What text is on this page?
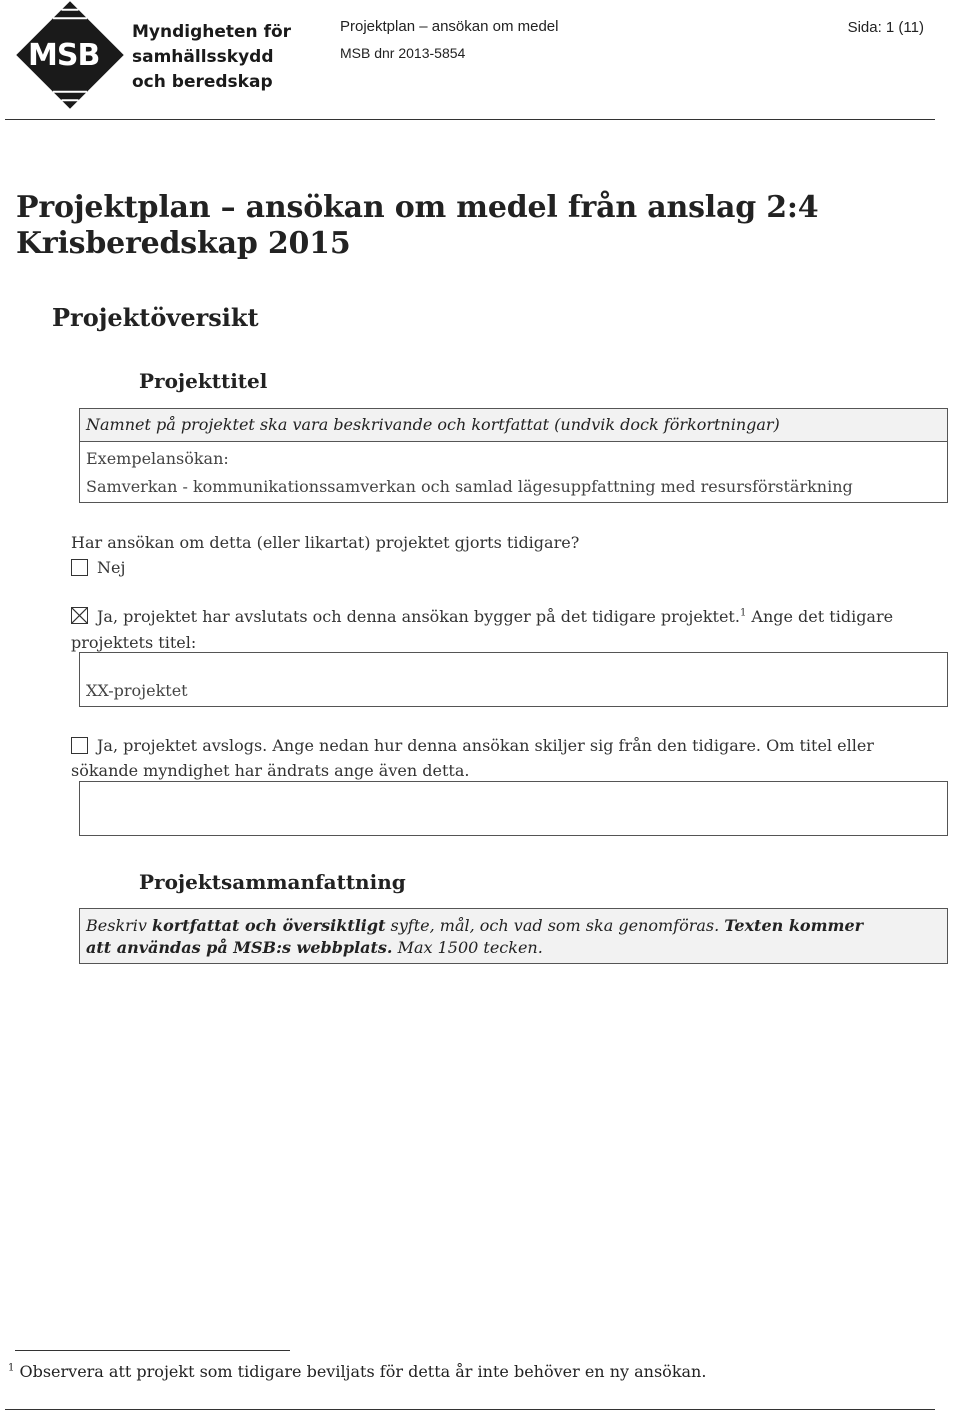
MSB
Myndigheten för
samhällsskydd
och beredskap
Projektplan – ansökan om medel
MSB dnr 2013-5854
Sida: 1 (11)
Projektplan – ansökan om medel från anslag 2:4
Krisberedskap 2015
Projektöversikt
Projekttitel
Namnet på projektet ska vara beskrivande och kortfattat (undvik dock förkortningar)
Exempelansökan:
Samverkan - kommunikationssamverkan och samlad lägesuppfattning med resursförstärkning
Har ansökan om detta (eller likartat) projektet gjorts tidigare?
Nej
Ja, projektet har avslutats och denna ansökan bygger på det tidigare projektet.$^1$ Ange det tidigare
projektets titel:
XX-projektet
Ja, projektet avslogs. Ange nedan hur denna ansökan skiljer sig från den tidigare. Om titel eller
sökande myndighet har ändrats ange även detta.
Projektsammanfattning
Beskriv kortfattat och översiktligt syfte, mål, och vad som ska genomföras. Texten kommer
att användas på MSB:s webbplats. Max 1500 tecken.
$^1$ Observera att projekt som tidigare beviljats för detta år inte behöver en ny ansökan.
